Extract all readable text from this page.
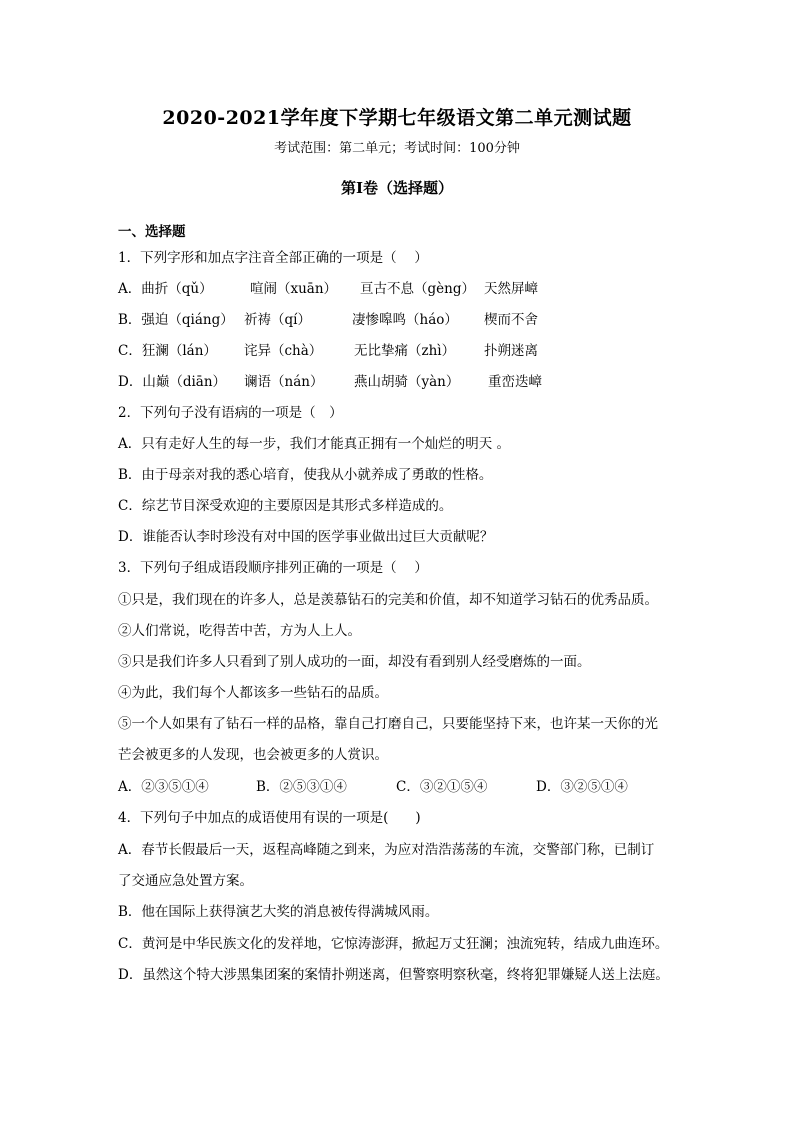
2020-2021学年度下学期七年级语文第二单元测试题
考试范围：第二单元；考试时间：100分钟
第I卷（选择题）
一、选择题
1．下列字形和加点字注音全部正确的一项是（　 ）
A．曲折（qǔ）	喧闹（xuān） 亘古不息（gèng） 天然屏嶂
B．强迫（qiáng） 祈祷（qí）	凄惨嗥鸣（háo） 楔而不舍
C．狂澜（lán） 诧异（chà） 无比挚痛（zhì） 扑朔迷离
D．山巅（diān） 谰语（nán） 燕山胡骑（yàn） 重峦迭嶂
2．下列句子没有语病的一项是（　）
A．只有走好人生的每一步，我们才能真正拥有一个灿烂的明天 。
B．由于母亲对我的悉心培育，使我从小就养成了勇敢的性格。
C．综艺节目深受欢迎的主要原因是其形式多样造成的。
D．谁能否认李时珍没有对中国的医学事业做出过巨大贡献呢？
3．下列句子组成语段顺序排列正确的一项是（　 ）
①只是，我们现在的许多人，总是羡慕钻石的完美和价值，却不知道学习钻石的优秀品质。
②人们常说，吃得苦中苦，方为人上人。
③只是我们许多人只看到了别人成功的一面，却没有看到别人经受磨炼的一面。
④为此，我们每个人都该多一些钻石的品质。
⑤一个人如果有了钻石一样的品格，靠自己打磨自己，只要能坚持下来，也许某一天你的光
芒会被更多的人发现，也会被更多的人赏识。
A．②③⑤①④	B．②⑤③①④	C．③②①⑤④	D．③②⑤①④
4．下列句子中加点的成语使用有误的一项是(　　)
A．春节长假最后一天，返程高峰随之到来，为应对浩浩荡荡的车流，交警部门称，已制订
了交通应急处置方案。
B．他在国际上获得演艺大奖的消息被传得满城风雨。
C．黄河是中华民族文化的发祥地，它惊涛澎湃，掀起万丈狂澜；浊流宛转，结成九曲连环。
D．虽然这个特大涉黑集团案的案情扑朔迷离，但警察明察秋毫，终将犯罪嫌疑人送上法庭。
